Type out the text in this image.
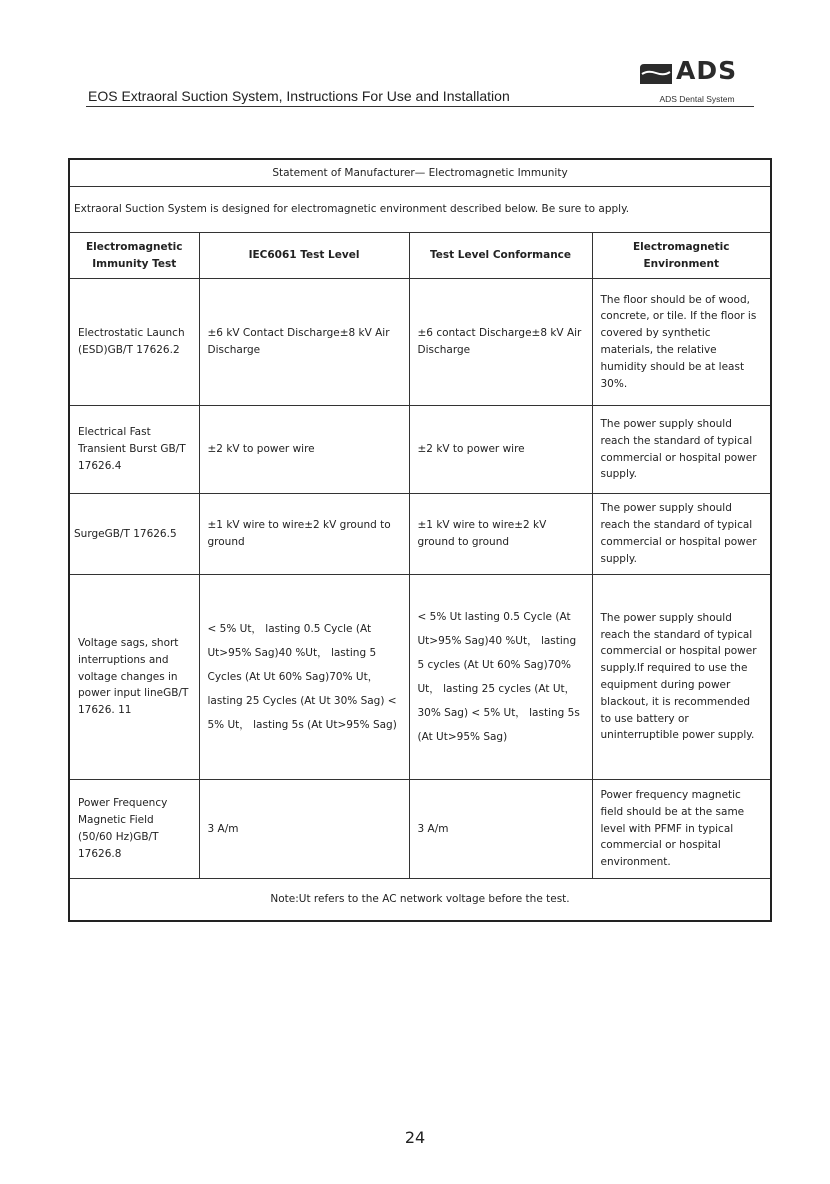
EOS Extraoral Suction System, Instructions For Use and Installation
ADS
ADS Dental System
Statement of Manufacturer— Electromagnetic Immunity			
Extraoral Suction System is designed for electromagnetic environment described below. Be sure to apply.			
Electromagnetic Immunity Test	IEC6061 Test Level	Test Level Conformance	Electromagnetic Environment
Electrostatic Launch (ESD)GB/T 17626.2	±6 kV Contact Discharge±8 kV Air Discharge	±6 contact Discharge±8 kV Air Discharge	The floor should be of wood, concrete, or tile. If the floor is covered by synthetic materials, the relative humidity should be at least 30%.
Electrical Fast Transient Burst GB/T 17626.4	±2 kV to power wire	±2 kV to power wire	The power supply should reach the standard of typical commercial or hospital power supply.
SurgeGB/T 17626.5	±1 kV wire to wire±2 kV ground to ground	±1 kV wire to wire±2 kV ground to ground	The power supply should reach the standard of typical commercial or hospital power supply.
Voltage sags, short interruptions and voltage changes in power input lineGB/T 17626. 11	< 5% Ut， lasting 0.5 Cycle (At Ut>95% Sag)40 %Ut， lasting 5 Cycles (At Ut 60% Sag)70% Ut， lasting 25 Cycles (At Ut 30% Sag) < 5% Ut， lasting 5s (At Ut>95% Sag)	< 5% Ut lasting 0.5 Cycle (At Ut>95% Sag)40 %Ut， lasting 5 cycles (At Ut 60% Sag)70% Ut， lasting 25 cycles (At Ut， 30% Sag) < 5% Ut， lasting 5s (At Ut>95% Sag)	The power supply should reach the standard of typical commercial or hospital power supply.If required to use the equipment during power blackout, it is recommended to use battery or uninterruptible power supply.
Power Frequency Magnetic Field (50/60 Hz)GB/T 17626.8	3 A/m	3 A/m	Power frequency magnetic field should be at the same level with PFMF in typical commercial or hospital environment.
Note:Ut refers to the AC network voltage before the test.			
24
